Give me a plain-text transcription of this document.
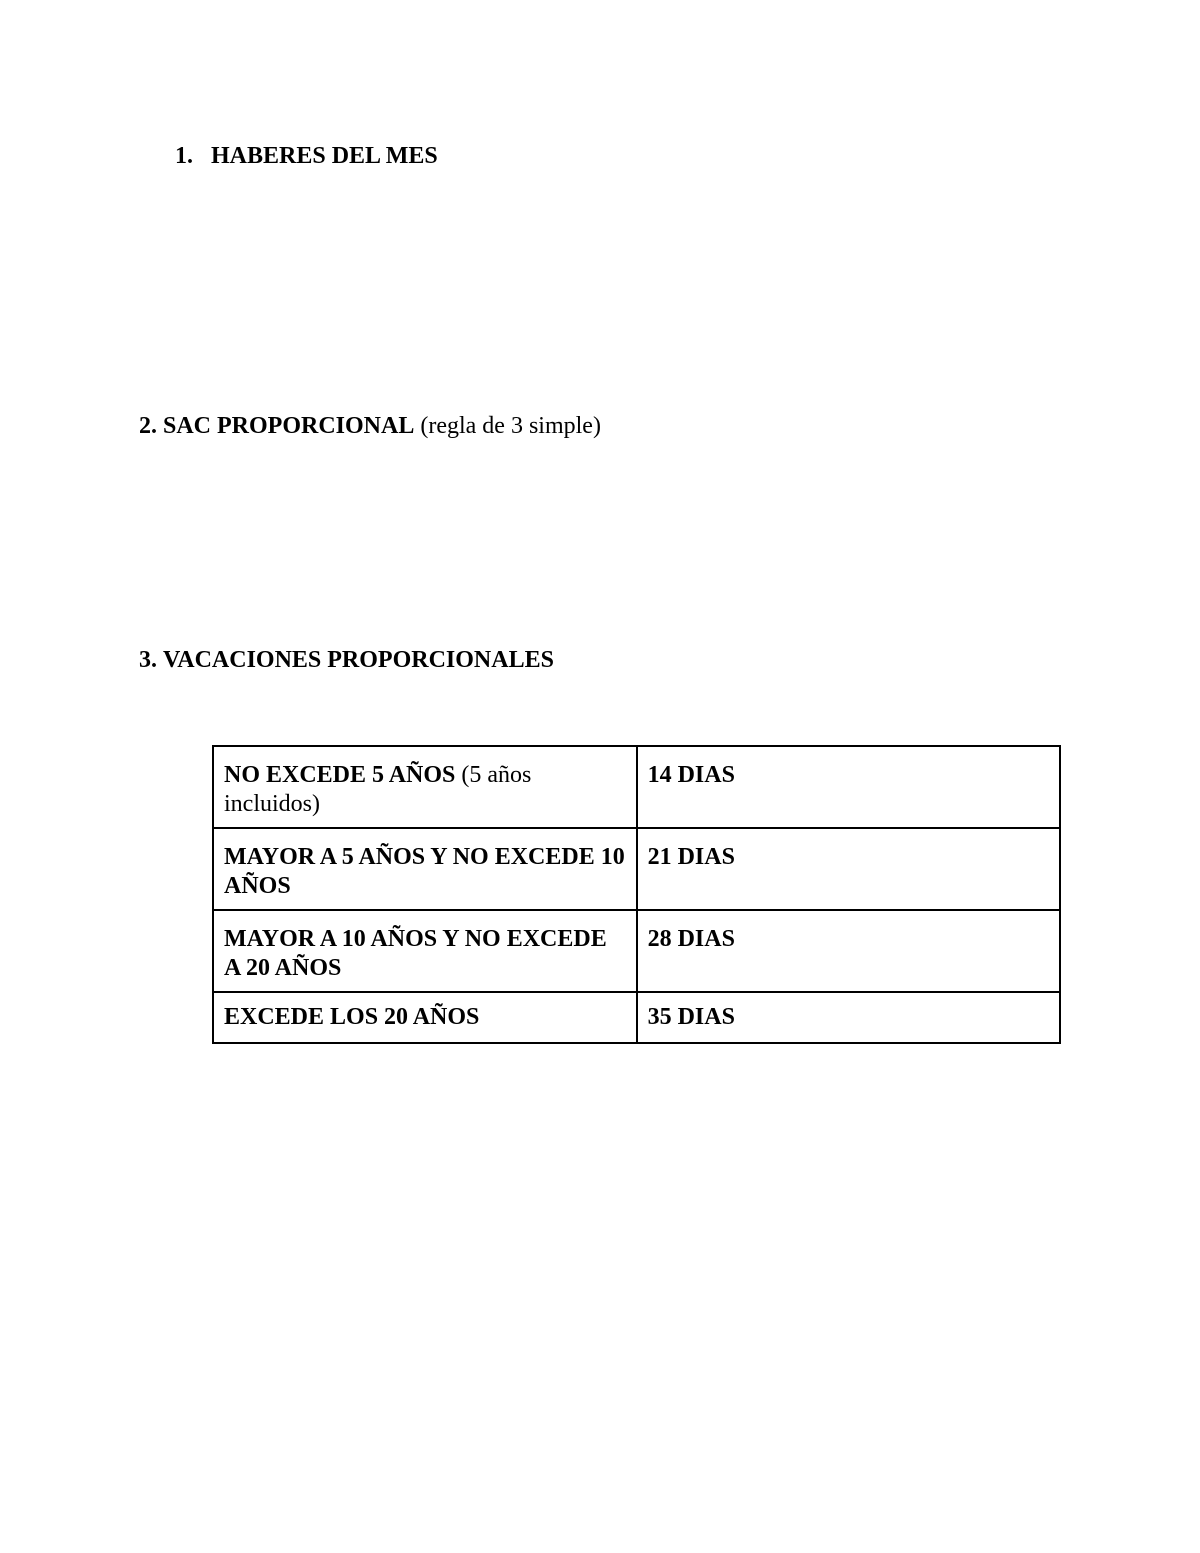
1. HABERES DEL MES
2. SAC PROPORCIONAL (regla de 3 simple)
3. VACACIONES PROPORCIONALES
NO EXCEDE 5 AÑOS (5 años incluidos)	14 DIAS
MAYOR A 5 AÑOS Y NO EXCEDE 10 AÑOS	21 DIAS
MAYOR A 10 AÑOS Y NO EXCEDE A 20 AÑOS	28 DIAS
EXCEDE LOS 20 AÑOS	35 DIAS
